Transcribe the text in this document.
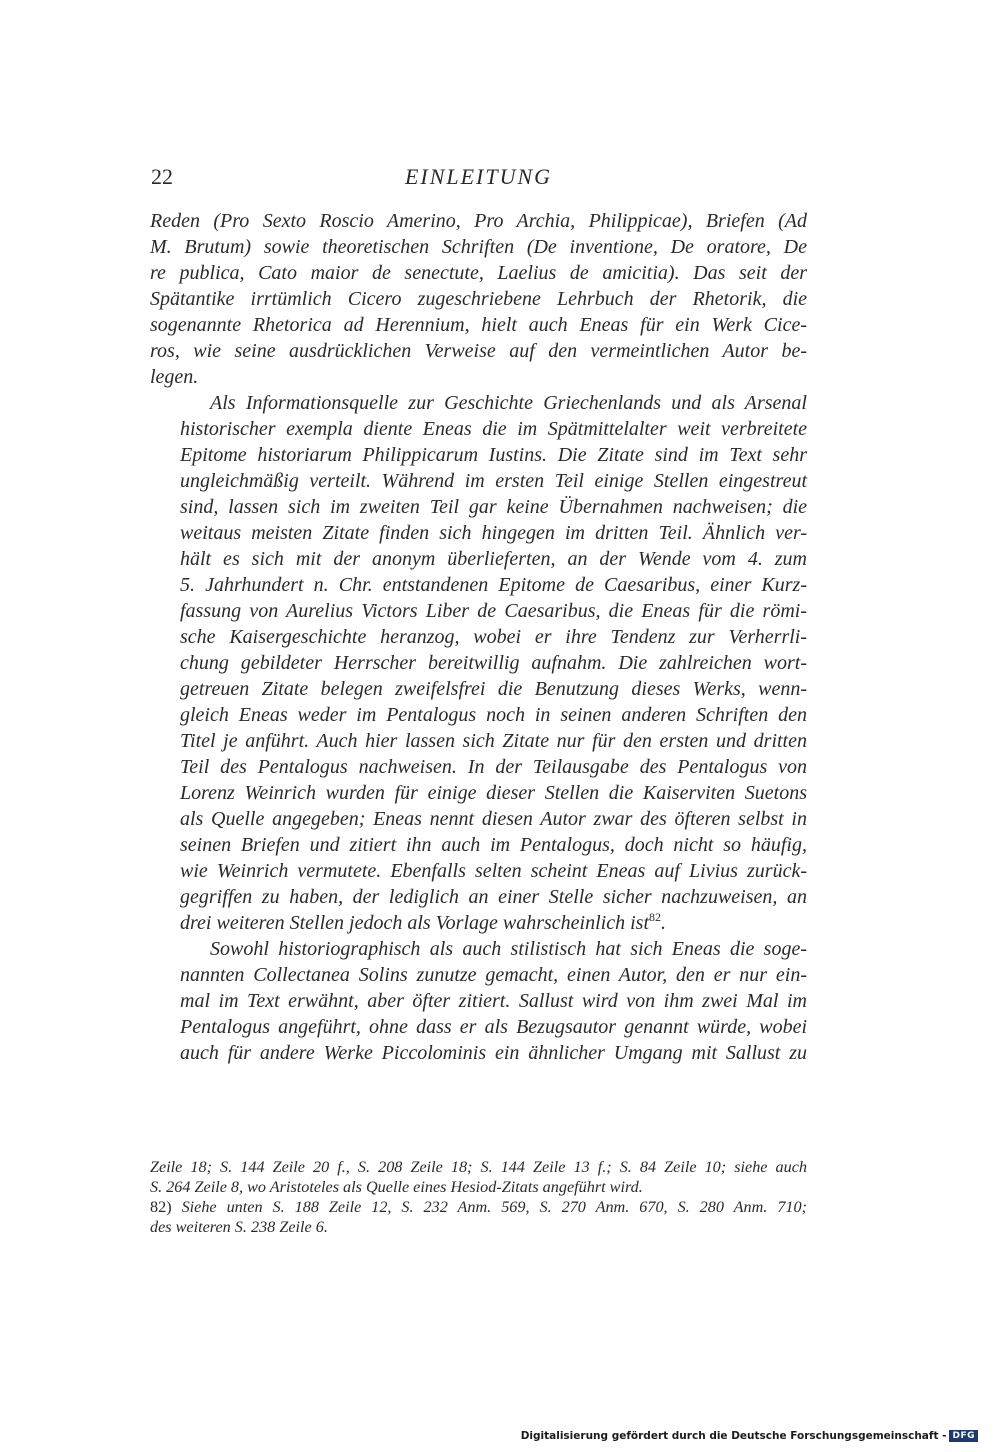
22	EINLEITUNG

Reden (Pro Sexto Roscio Amerino, Pro Archia, Philippicae), Briefen (Ad
M. Brutum) sowie theoretischen Schriften (De inventione, De oratore, De
re publica, Cato maior de senectute, Laelius de amicitia). Das seit der
Spätantike irrtümlich Cicero zugeschriebene Lehrbuch der Rhetorik, die
sogenannte Rhetorica ad Herennium, hielt auch Eneas für ein Werk Cice-
ros, wie seine ausdrücklichen Verweise auf den vermeintlichen Autor be-
legen.

Als Informationsquelle zur Geschichte Griechenlands und als Arsenal
historischer exempla diente Eneas die im Spätmittelalter weit verbreitete
Epitome historiarum Philippicarum Iustins. Die Zitate sind im Text sehr
ungleichmäßig verteilt. Während im ersten Teil einige Stellen eingestreut
sind, lassen sich im zweiten Teil gar keine Übernahmen nachweisen; die
weitaus meisten Zitate finden sich hingegen im dritten Teil. Ähnlich ver-
hält es sich mit der anonym überlieferten, an der Wende vom 4. zum
5. Jahrhundert n. Chr. entstandenen Epitome de Caesaribus, einer Kurz-
fassung von Aurelius Victors Liber de Caesaribus, die Eneas für die römi-
sche Kaisergeschichte heranzog, wobei er ihre Tendenz zur Verherrli-
chung gebildeter Herrscher bereitwillig aufnahm. Die zahlreichen wort-
getreuen Zitate belegen zweifelsfrei die Benutzung dieses Werks, wenn-
gleich Eneas weder im Pentalogus noch in seinen anderen Schriften den
Titel je anführt. Auch hier lassen sich Zitate nur für den ersten und dritten
Teil des Pentalogus nachweisen. In der Teilausgabe des Pentalogus von
Lorenz Weinrich wurden für einige dieser Stellen die Kaiserviten Suetons
als Quelle angegeben; Eneas nennt diesen Autor zwar des öfteren selbst in
seinen Briefen und zitiert ihn auch im Pentalogus, doch nicht so häufig,
wie Weinrich vermutete. Ebenfalls selten scheint Eneas auf Livius zurück-
gegriffen zu haben, der lediglich an einer Stelle sicher nachzuweisen, an
drei weiteren Stellen jedoch als Vorlage wahrscheinlich ist$^{82}$.

Sowohl historiographisch als auch stilistisch hat sich Eneas die soge-
nannten Collectanea Solins zunutze gemacht, einen Autor, den er nur ein-
mal im Text erwähnt, aber öfter zitiert. Sallust wird von ihm zwei Mal im
Pentalogus angeführt, ohne dass er als Bezugsautor genannt würde, wobei
auch für andere Werke Piccolominis ein ähnlicher Umgang mit Sallust zu

Zeile 18; S. 144 Zeile 20 f., S. 208 Zeile 18; S. 144 Zeile 13 f.; S. 84 Zeile 10; siehe auch
S. 264 Zeile 8, wo Aristoteles als Quelle eines Hesiod-Zitats angeführt wird.
82) Siehe unten S. 188 Zeile 12, S. 232 Anm. 569, S. 270 Anm. 670, S. 280 Anm. 710;
des weiteren S. 238 Zeile 6.
Digitalisierung gefördert durch die Deutsche Forschungsgemeinschaft - DFG
